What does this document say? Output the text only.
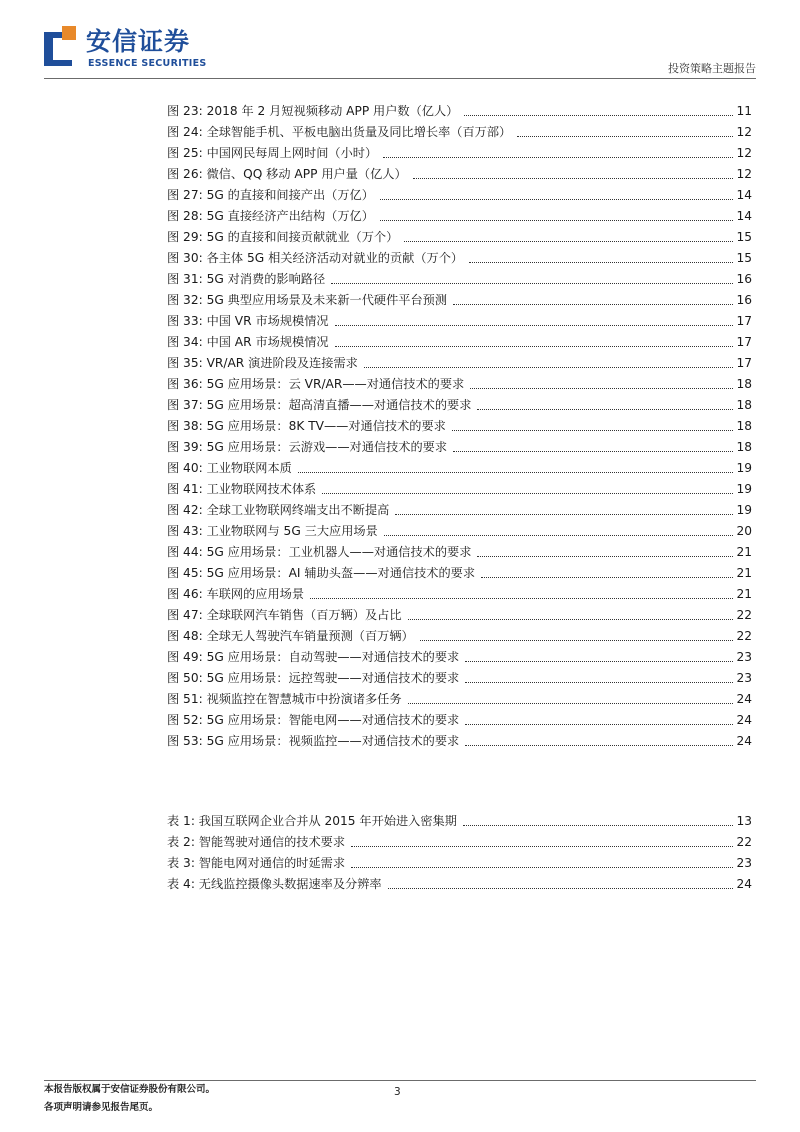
安信证券
ESSENCE SECURITIES	投资策略主题报告
图 23: 2018 年 2 月短视频移动 APP 用户数（亿人）	11
图 24: 全球智能手机、平板电脑出货量及同比增长率（百万部）	12
图 25: 中国网民每周上网时间（小时）	12
图 26: 微信、QQ 移动 APP 用户量（亿人）	12
图 27: 5G 的直接和间接产出（万亿）	14
图 28: 5G 直接经济产出结构（万亿）	14
图 29: 5G 的直接和间接贡献就业（万个）	15
图 30: 各主体 5G 相关经济活动对就业的贡献（万个）	15
图 31: 5G 对消费的影响路径	16
图 32: 5G 典型应用场景及未来新一代硬件平台预测	16
图 33: 中国 VR 市场规模情况	17
图 34: 中国 AR 市场规模情况	17
图 35: VR/AR 演进阶段及连接需求	17
图 36: 5G 应用场景：云 VR/AR——对通信技术的要求	18
图 37: 5G 应用场景：超高清直播——对通信技术的要求	18
图 38: 5G 应用场景：8K TV——对通信技术的要求	18
图 39: 5G 应用场景：云游戏——对通信技术的要求	18
图 40: 工业物联网本质	19
图 41: 工业物联网技术体系	19
图 42: 全球工业物联网终端支出不断提高	19
图 43: 工业物联网与 5G 三大应用场景	20
图 44: 5G 应用场景：工业机器人——对通信技术的要求	21
图 45: 5G 应用场景：AI 辅助头盔——对通信技术的要求	21
图 46: 车联网的应用场景	21
图 47: 全球联网汽车销售（百万辆）及占比	22
图 48: 全球无人驾驶汽车销量预测（百万辆）	22
图 49: 5G 应用场景：自动驾驶——对通信技术的要求	23
图 50: 5G 应用场景：远控驾驶——对通信技术的要求	23
图 51: 视频监控在智慧城市中扮演诸多任务	24
图 52: 5G 应用场景：智能电网——对通信技术的要求	24
图 53: 5G 应用场景：视频监控——对通信技术的要求	24
表 1: 我国互联网企业合并从 2015 年开始进入密集期	13
表 2: 智能驾驶对通信的技术要求	22
表 3: 智能电网对通信的时延需求	23
表 4: 无线监控摄像头数据速率及分辨率	24
本报告版权属于安信证券股份有限公司。
各项声明请参见报告尾页。
3
